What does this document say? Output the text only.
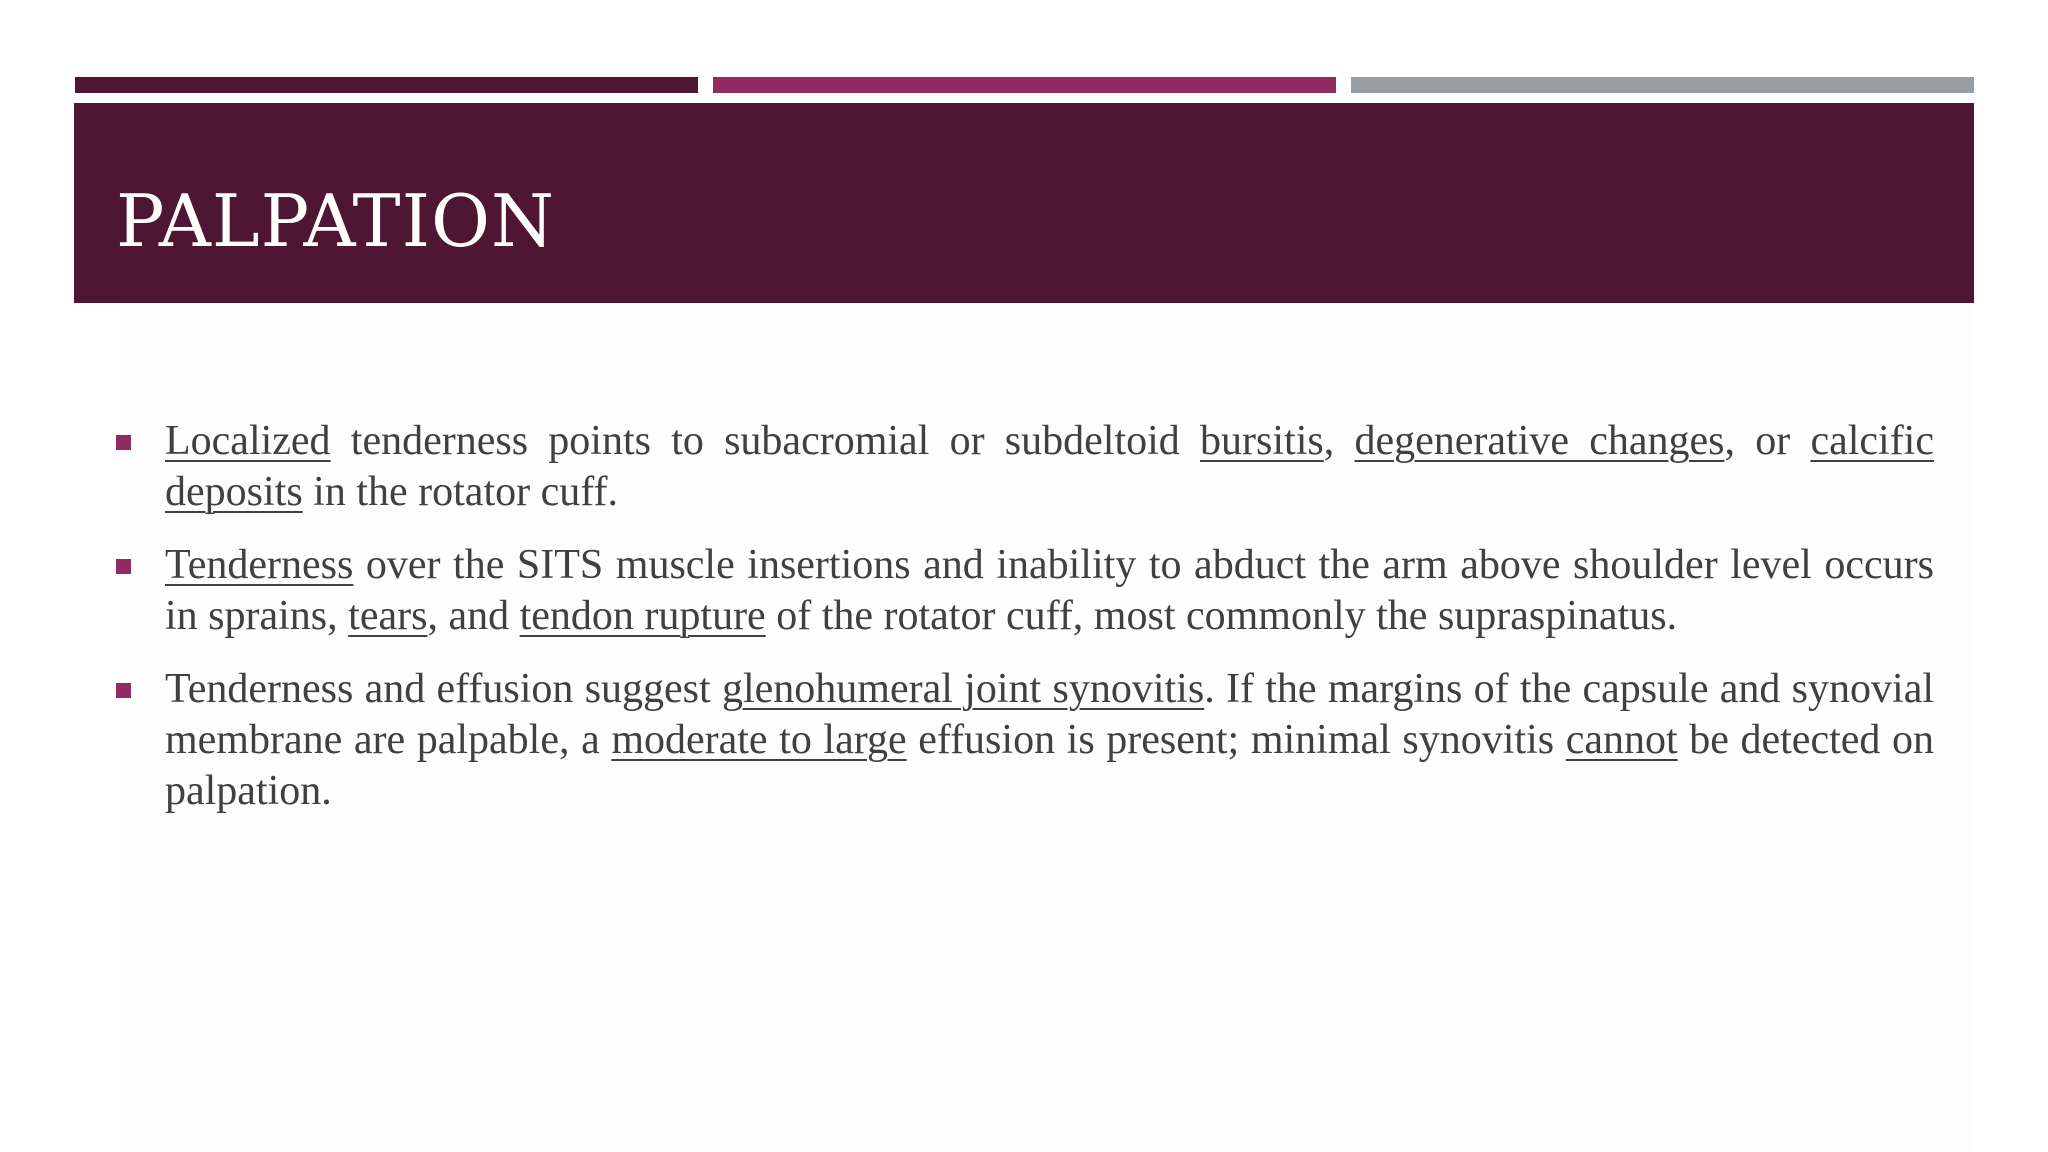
PALPATION

Localized tenderness points to subacromial or subdeltoid bursitis, degenerative changes, or calcific deposits in the rotator cuff.

Tenderness over the SITS muscle insertions and inability to abduct the arm above shoulder level occurs in sprains, tears, and tendon rupture of the rotator cuff, most commonly the supraspinatus.

Tenderness and effusion suggest glenohumeral joint synovitis. If the margins of the capsule and synovial membrane are palpable, a moderate to large effusion is present; minimal synovitis cannot be detected on palpation.
